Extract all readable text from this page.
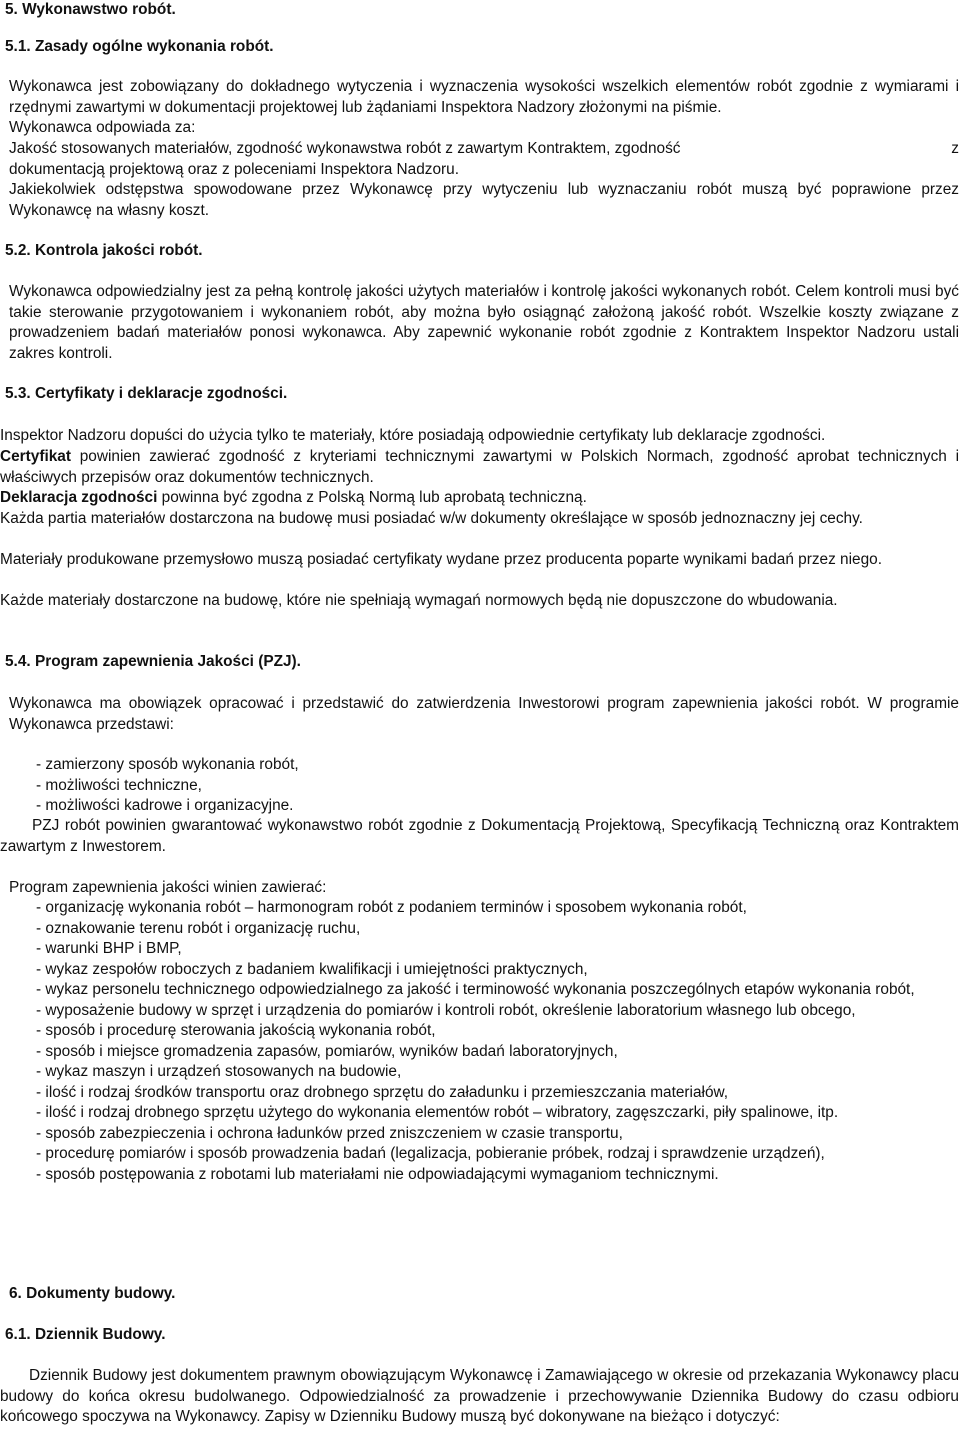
5. Wykonawstwo robót.
5.1. Zasady ogólne wykonania robót.

Wykonawca jest zobowiązany do dokładnego wytyczenia i wyznaczenia wysokości wszelkich elementów robót zgodnie z wymiarami i rzędnymi zawartymi w dokumentacji projektowej lub żądaniami Inspektora Nadzory złożonymi na piśmie.

Wykonawca odpowiada za:

Jakość stosowanych materiałów, zgodność wykonawstwa robót z zawartym Kontraktem, zgodność	z

dokumentacją projektową oraz z poleceniami Inspektora Nadzoru.

Jakiekolwiek odstępstwa spowodowane przez Wykonawcę przy wytyczeniu lub wyznaczaniu robót muszą być poprawione przez Wykonawcę na własny koszt.

5.2. Kontrola jakości robót.

Wykonawca odpowiedzialny jest za pełną kontrolę jakości użytych materiałów i kontrolę jakości wykonanych robót. Celem kontroli musi być takie sterowanie przygotowaniem i wykonaniem robót, aby można było osiągnąć założoną jakość robót. Wszelkie koszty związane z prowadzeniem badań materiałów ponosi wykonawca. Aby zapewnić wykonanie robót zgodnie z Kontraktem Inspektor Nadzoru ustali zakres kontroli.

5.3. Certyfikaty i deklaracje zgodności.

Inspektor Nadzoru dopuści do użycia tylko te materiały, które posiadają odpowiednie certyfikaty lub deklaracje zgodności.

Certyfikat powinien zawierać zgodność z kryteriami technicznymi zawartymi w Polskich Normach, zgodność aprobat technicznych i właściwych przepisów oraz dokumentów technicznych.

Deklaracja zgodności powinna być zgodna z Polską Normą lub aprobatą techniczną.

Każda partia materiałów dostarczona na budowę musi posiadać w/w dokumenty określające w sposób jednoznaczny jej cechy.

Materiały produkowane przemysłowo muszą posiadać certyfikaty wydane przez producenta poparte wynikami badań przez niego.

Każde materiały dostarczone na budowę, które nie spełniają wymagań normowych będą nie dopuszczone do wbudowania.

5.4. Program zapewnienia Jakości (PZJ).

Wykonawca ma obowiązek opracować i przedstawić do zatwierdzenia Inwestorowi program zapewnienia jakości robót. W programie Wykonawca przedstawi:

- zamierzony sposób wykonania robót,
- możliwości techniczne,
- możliwości kadrowe i organizacyjne.

PZJ robót powinien gwarantować wykonawstwo robót zgodnie z Dokumentacją Projektową, Specyfikacją Techniczną oraz Kontraktem zawartym z Inwestorem.

Program zapewnienia jakości winien zawierać:

- organizację wykonania robót – harmonogram robót z podaniem terminów i sposobem wykonania robót,
- oznakowanie terenu robót i organizację ruchu,
- warunki BHP i BMP,
- wykaz zespołów roboczych z badaniem kwalifikacji i umiejętności praktycznych,
- wykaz personelu technicznego odpowiedzialnego za jakość i terminowość wykonania poszczególnych etapów wykonania robót,
- wyposażenie budowy w sprzęt i urządzenia do pomiarów i kontroli robót, określenie laboratorium własnego lub obcego,
- sposób i procedurę sterowania jakością wykonania robót,
- sposób i miejsce gromadzenia zapasów, pomiarów, wyników badań laboratoryjnych,
- wykaz maszyn i urządzeń stosowanych na budowie,
- ilość i rodzaj środków transportu oraz drobnego sprzętu do załadunku i przemieszczania materiałów,
- ilość i rodzaj drobnego sprzętu użytego do wykonania elementów robót – wibratory, zagęszczarki, piły spalinowe, itp.
- sposób zabezpieczenia i ochrona ładunków przed zniszczeniem w czasie transportu,
- procedurę pomiarów i sposób prowadzenia badań (legalizacja, pobieranie próbek, rodzaj i sprawdzenie urządzeń),
- sposób postępowania z robotami lub materiałami nie odpowiadającymi wymaganiom technicznymi.
6. Dokumenty budowy.
6.1. Dziennik Budowy.

Dziennik Budowy jest dokumentem prawnym obowiązującym Wykonawcę i Zamawiającego w okresie od przekazania Wykonawcy placu budowy do końca okresu budolwanego. Odpowiedzialność za prowadzenie i przechowywanie Dziennika Budowy do czasu odbioru końcowego spoczywa na Wykonawcy. Zapisy w Dzienniku Budowy muszą być dokonywane na bieżąco i dotyczyć:
